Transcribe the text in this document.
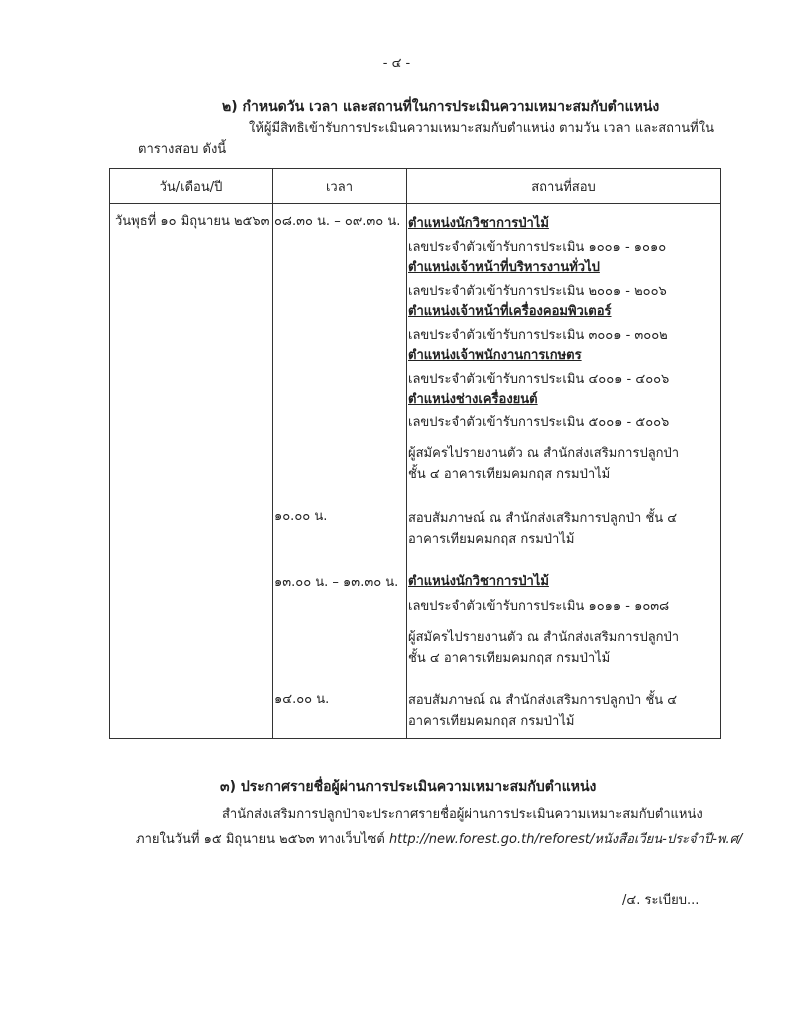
- ๔ -
๒) กำหนดวัน เวลา และสถานที่ในการประเมินความเหมาะสมกับตำแหน่ง
ให้ผู้มีสิทธิเข้ารับการประเมินความเหมาะสมกับตำแหน่ง ตามวัน เวลา และสถานที่ใน
ตารางสอบ ดังนี้
วัน/เดือน/ปี	เวลา	สถานที่สอบ

วันพุธที่ ๑๐ มิถุนายน ๒๕๖๓ ๐๘.๓๐ น. – ๐๙.๓๐ น. ตำแหน่งนักวิชาการป่าไม้
เลขประจำตัวเข้ารับการประเมิน ๑๐๐๑ - ๑๐๑๐
ตำแหน่งเจ้าหน้าที่บริหารงานทั่วไป
เลขประจำตัวเข้ารับการประเมิน ๒๐๐๑ - ๒๐๐๖
ตำแหน่งเจ้าหน้าที่เครื่องคอมพิวเตอร์
เลขประจำตัวเข้ารับการประเมิน ๓๐๐๑ - ๓๐๐๒
ตำแหน่งเจ้าพนักงานการเกษตร
เลขประจำตัวเข้ารับการประเมิน ๔๐๐๑ - ๔๐๐๖
ตำแหน่งช่างเครื่องยนต์
เลขประจำตัวเข้ารับการประเมิน ๕๐๐๑ - ๕๐๐๖
ผู้สมัครไปรายงานตัว ณ สำนักส่งเสริมการปลูกป่า
ชั้น ๔ อาคารเทียมคมกฤส กรมป่าไม้
๑๐.๐๐ น.	สอบสัมภาษณ์ ณ สำนักส่งเสริมการปลูกป่า ชั้น ๔
อาคารเทียมคมกฤส กรมป่าไม้
๑๓.๐๐ น. – ๑๓.๓๐ น. ตำแหน่งนักวิชาการป่าไม้
เลขประจำตัวเข้ารับการประเมิน ๑๐๑๑ - ๑๐๓๘
ผู้สมัครไปรายงานตัว ณ สำนักส่งเสริมการปลูกป่า
ชั้น ๔ อาคารเทียมคมกฤส กรมป่าไม้
๑๔.๐๐ น.	สอบสัมภาษณ์ ณ สำนักส่งเสริมการปลูกป่า ชั้น ๔
อาคารเทียมคมกฤส กรมป่าไม้
๓) ประกาศรายชื่อผู้ผ่านการประเมินความเหมาะสมกับตำแหน่ง
สำนักส่งเสริมการปลูกป่าจะประกาศรายชื่อผู้ผ่านการประเมินความเหมาะสมกับตำแหน่ง
ภายในวันที่ ๑๕ มิถุนายน ๒๕๖๓ ทางเว็บไซต์ http://new.forest.go.th/reforest/หนังสือเวียน-ประจำปี-พ.ศ/
/๔. ระเบียบ...
